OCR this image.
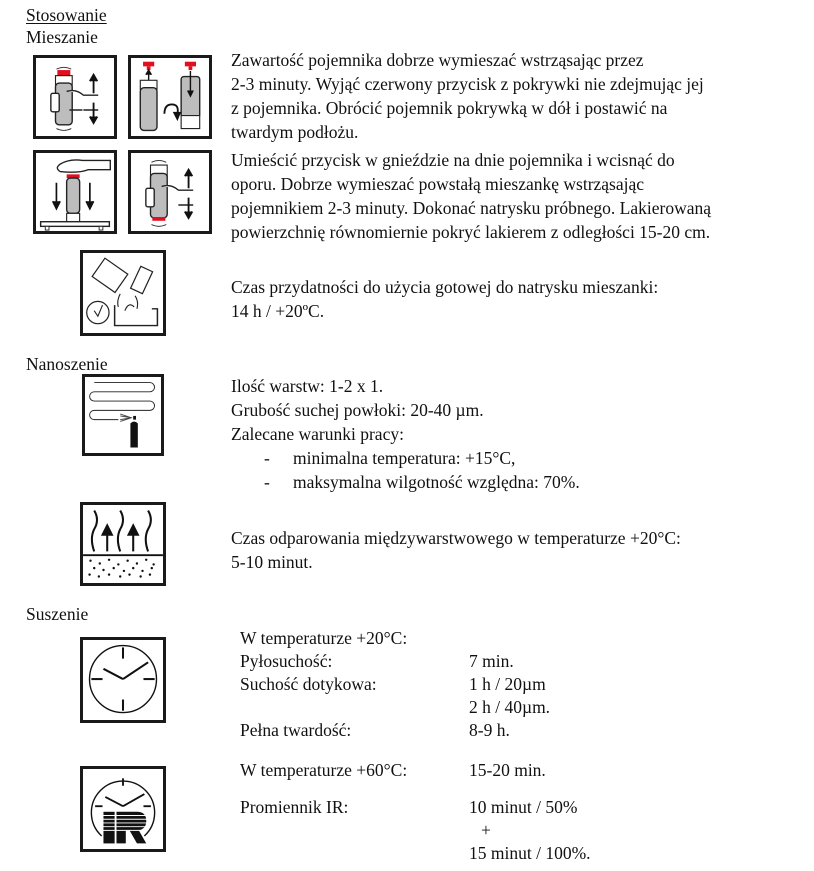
Stosowanie
Mieszanie

Zawartość pojemnika dobrze wymieszać wstrząsając przez

2-3 minuty. Wyjąć czerwony przycisk z pokrywki nie zdejmując jej

z pojemnika. Obrócić pojemnik pokrywką w dół i postawić na

twardym podłożu.

Umieścić przycisk w gnieździe na dnie pojemnika i wcisnąć do

oporu. Dobrze wymieszać powstałą mieszankę wstrząsając

pojemnikiem 2-3 minuty. Dokonać natrysku próbnego. Lakierowaną

powierzchnię równomiernie pokryć lakierem z odległości 15-20 cm.

Czas przydatności do użycia gotowej do natrysku mieszanki:

14 h / +20ºC.

Nanoszenie

Ilość warstw: 1-2 x 1.

Grubość suchej powłoki: 20-40 µm.

Zalecane warunki pracy:

- minimalna temperatura: +15°C,

- maksymalna wilgotność względna: 70%.

Czas odparowania międzywarstwowego w temperaturze +20°C:

5-10 minut.

Suszenie
W temperaturze +20°C:
Pyłosuchość:	7 min.
Suchość dotykowa:	1 h / 20µm
2 h / 40µm.
Pełna twardość:	8-9 h.
W temperaturze +60°C:	15-20 min.
Promiennik IR:	10 minut / 50%
+
15 minut / 100%.
